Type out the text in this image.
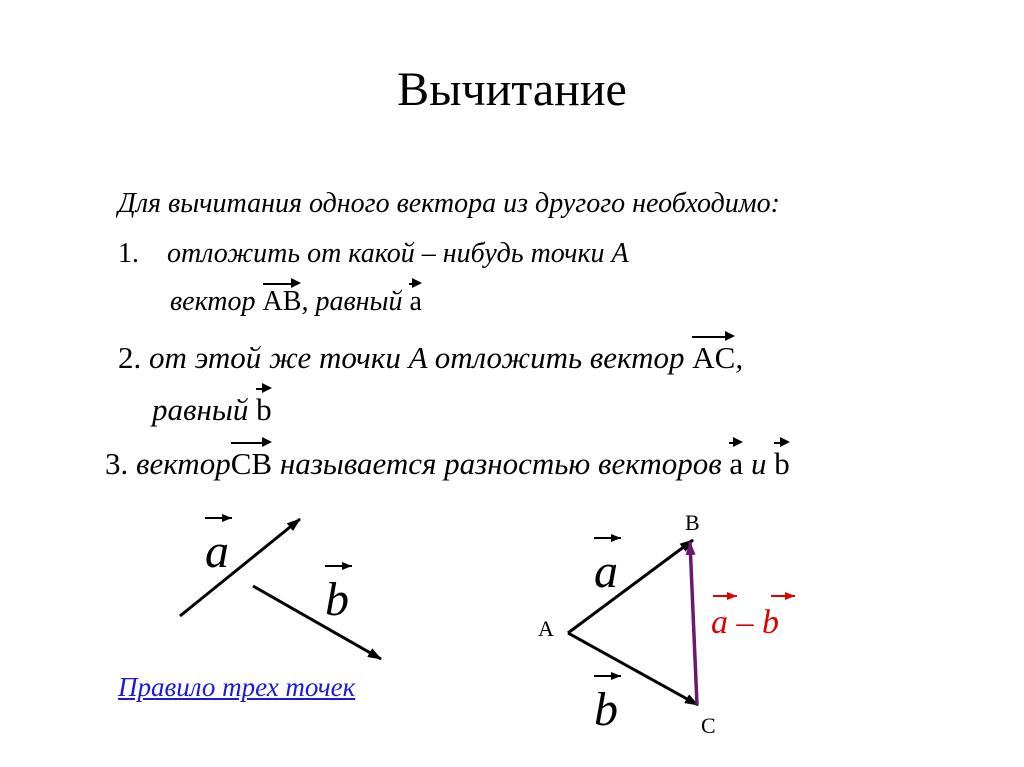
Вычитание
Для вычитания одного вектора из другого необходимо:
1. отложить от какой – нибудь точки A
вектор AB, равный a
2. от этой же точки A отложить вектор AC,
равный b
3. векторCB называется разностью векторов a и b
a
b
a
b
A
B
C
a – b
Правило трех точек
